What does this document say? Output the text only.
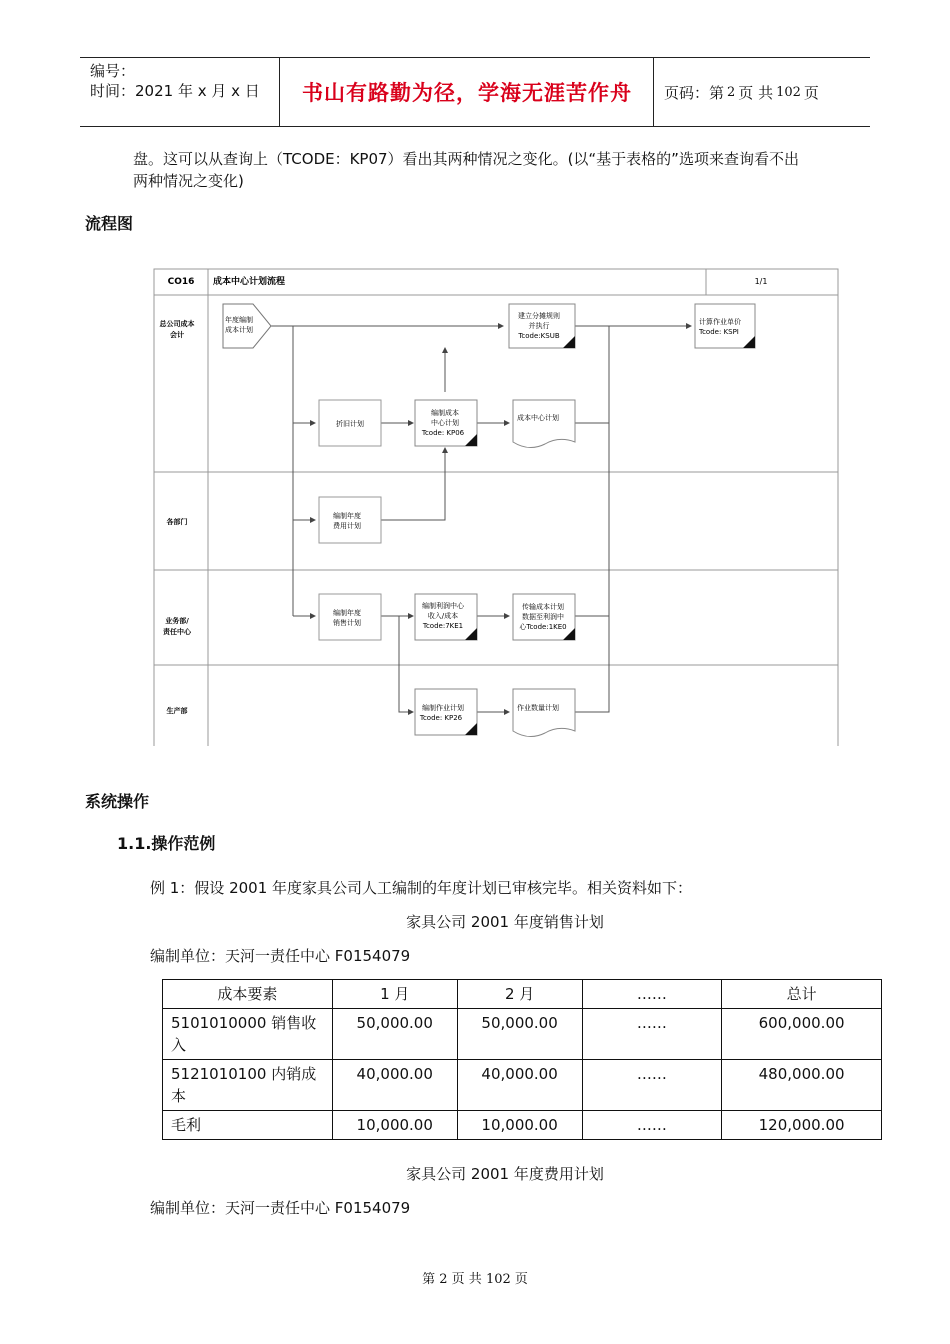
编号：
时间：2021 年 x 月 x 日	书山有路勤为径，学海无涯苦作舟	页码：第 2 页 共 102 页
盘。这可以从查询上（TCODE：KP07）看出其两种情况之变化。(以“基于表格的”选项来查询看不出
两种情况之变化)
流程图
CO16 成本中心计划流程	1/1
总公司成本会计
各部门
业务部/责任中心
生产部
年度编制成本计划
建立分摊规则并执行 Tcode:KSUB
计算作业单价 Tcode: KSPI
折旧计划
编制成本中心计划 Tcode: KP06
成本中心计划
编制年度费用计划
编制年度销售计划
编制利润中心收入/成本 Tcode:7KE1
传输成本计划数据至利润中心Tcode:1KE0
编制作业计划 Tcode: KP26
作业数量计划
系统操作
1.1.操作范例
例 1：假设 2001 年度家具公司人工编制的年度计划已审核完毕。相关资料如下：
家具公司 2001 年度销售计划
编制单位：天河一责任中心 F0154079
成本要素	1 月	2 月	……	总计
5101010000 销售收入	50,000.00	50,000.00	……	600,000.00
5121010100 内销成本	40,000.00	40,000.00	……	480,000.00
毛利	10,000.00	10,000.00	……	120,000.00
家具公司 2001 年度费用计划
编制单位：天河一责任中心 F0154079
第 2 页 共 102 页
